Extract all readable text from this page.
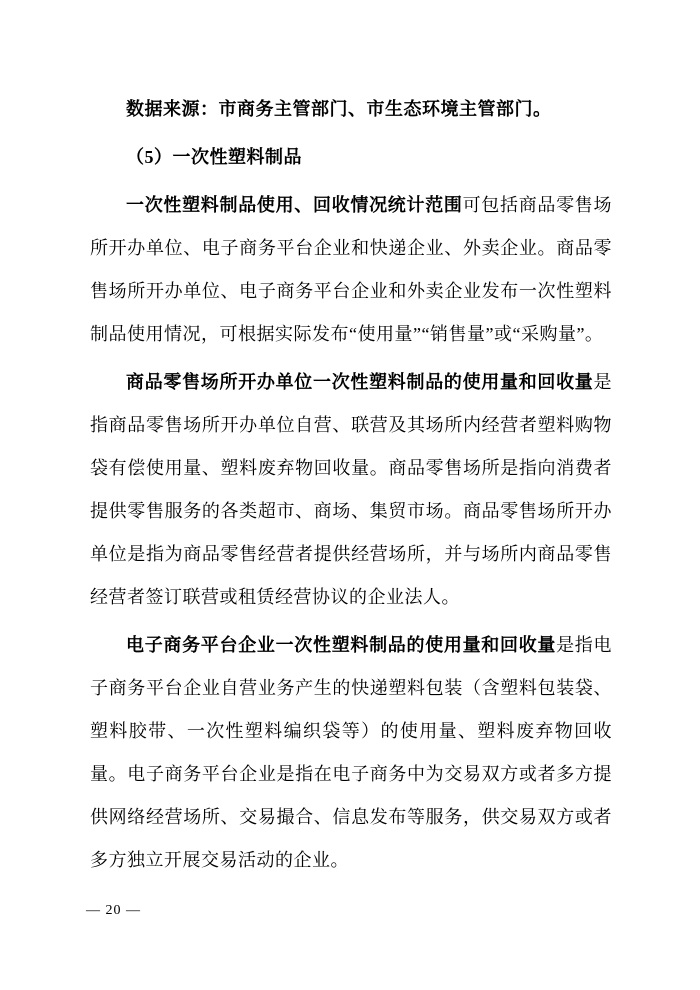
数据来源：市商务主管部门、市生态环境主管部门。

（5）一次性塑料制品

一次性塑料制品使用、回收情况统计范围可包括商品零售场所开办单位、电子商务平台企业和快递企业、外卖企业。商品零售场所开办单位、电子商务平台企业和外卖企业发布一次性塑料制品使用情况，可根据实际发布“使用量”“销售量”或“采购量”。

商品零售场所开办单位一次性塑料制品的使用量和回收量是指商品零售场所开办单位自营、联营及其场所内经营者塑料购物袋有偿使用量、塑料废弃物回收量。商品零售场所是指向消费者提供零售服务的各类超市、商场、集贸市场。商品零售场所开办单位是指为商品零售经营者提供经营场所，并与场所内商品零售经营者签订联营或租赁经营协议的企业法人。

电子商务平台企业一次性塑料制品的使用量和回收量是指电子商务平台企业自营业务产生的快递塑料包装（含塑料包装袋、塑料胶带、一次性塑料编织袋等）的使用量、塑料废弃物回收量。电子商务平台企业是指在电子商务中为交易双方或者多方提供网络经营场所、交易撮合、信息发布等服务，供交易双方或者多方独立开展交易活动的企业。

— 20 —
